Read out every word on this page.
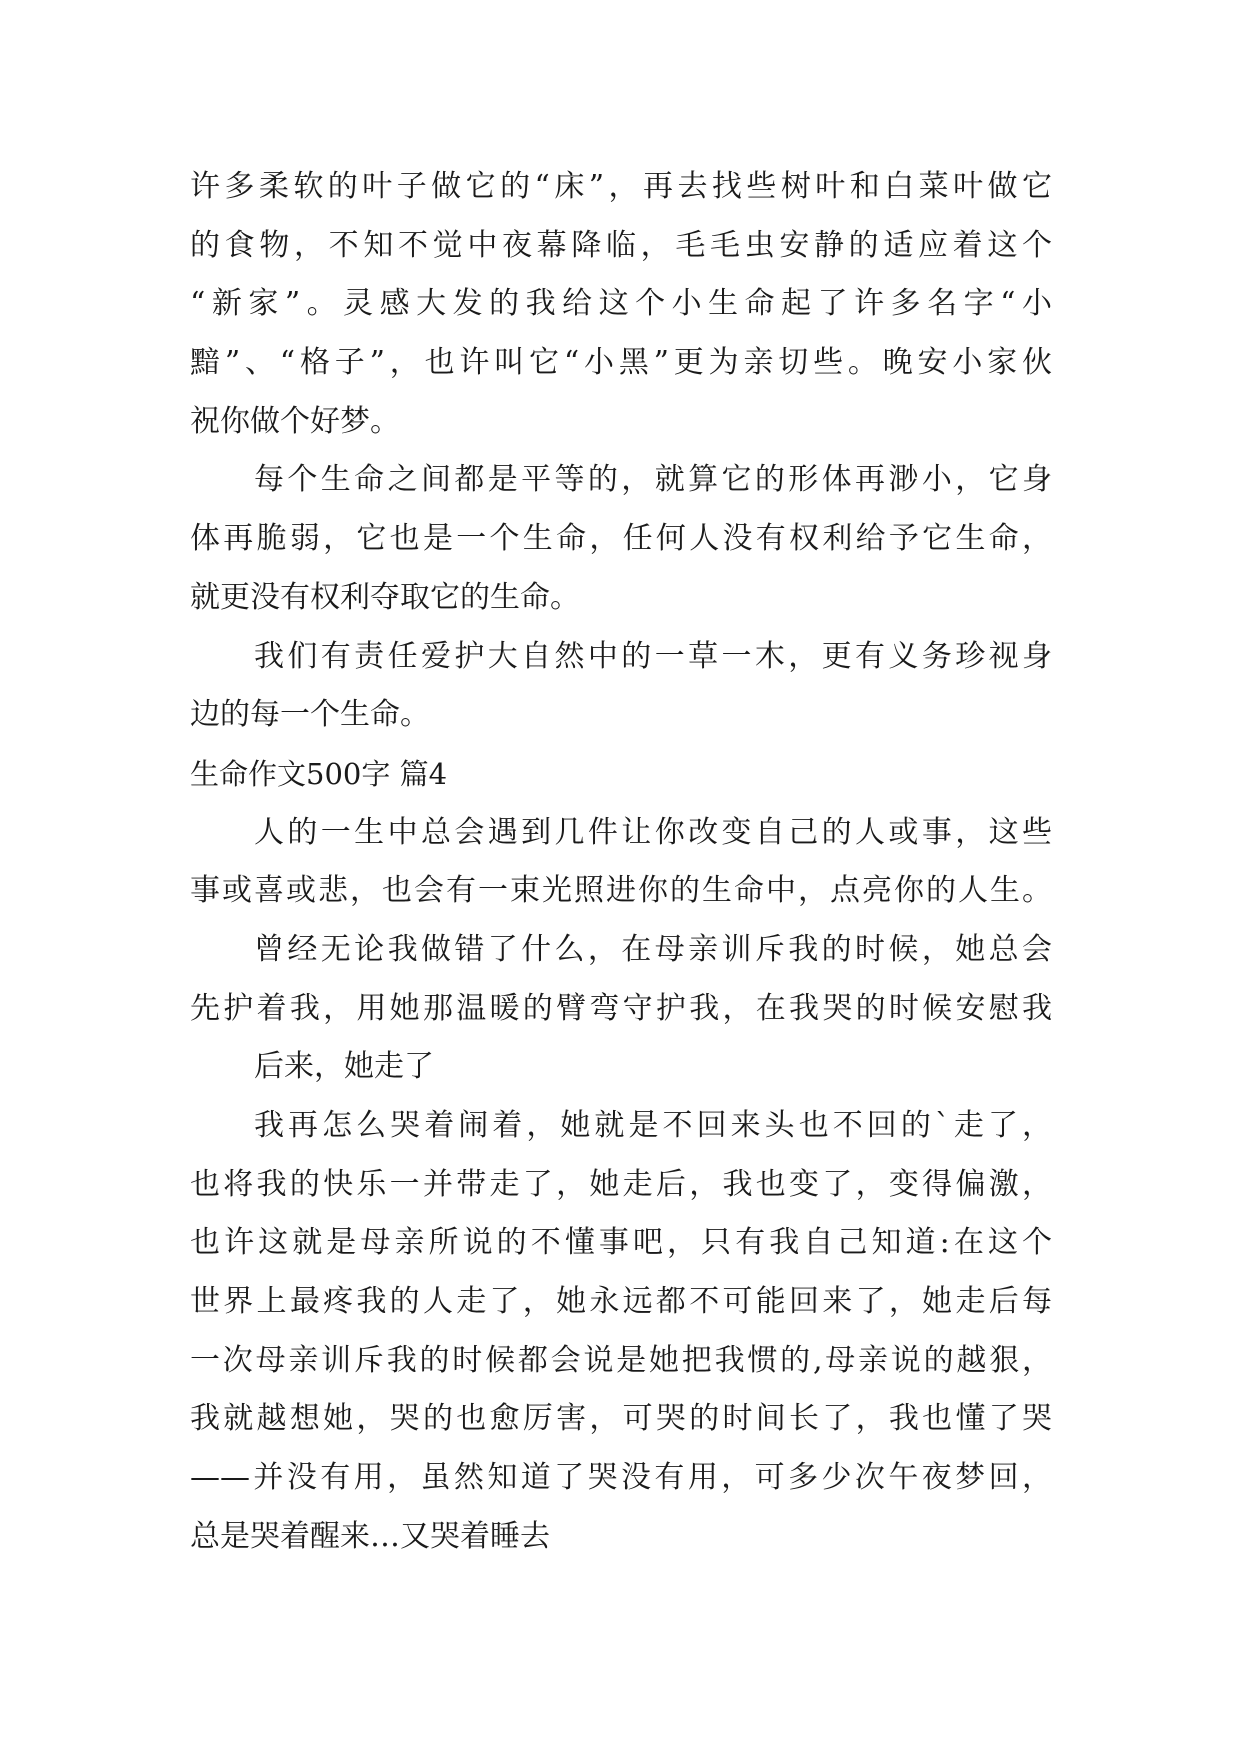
许多柔软的叶子做它的“床”，再去找些树叶和白菜叶做它
的食物，不知不觉中夜幕降临，毛毛虫安静的适应着这个
“新家”。灵感大发的我给这个小生命起了许多名字“小
黯”、“格子”，也许叫它“小黑”更为亲切些。晚安小家伙
祝你做个好梦。
每个生命之间都是平等的，就算它的形体再渺小，它身
体再脆弱，它也是一个生命，任何人没有权利给予它生命，
就更没有权利夺取它的生命。
我们有责任爱护大自然中的一草一木，更有义务珍视身
边的每一个生命。
生命作文500字 篇4
人的一生中总会遇到几件让你改变自己的人或事，这些
事或喜或悲，也会有一束光照进你的生命中，点亮你的人生。
曾经无论我做错了什么，在母亲训斥我的时候，她总会
先护着我，用她那温暖的臂弯守护我，在我哭的时候安慰我
后来，她走了
我再怎么哭着闹着，她就是不回来头也不回的`走了，
也将我的快乐一并带走了，她走后，我也变了，变得偏激，
也许这就是母亲所说的不懂事吧，只有我自己知道:在这个
世界上最疼我的人走了，她永远都不可能回来了，她走后每
一次母亲训斥我的时候都会说是她把我惯的,母亲说的越狠，
我就越想她，哭的也愈厉害，可哭的时间长了，我也懂了哭
——并没有用，虽然知道了哭没有用，可多少次午夜梦回，
总是哭着醒来…又哭着睡去
